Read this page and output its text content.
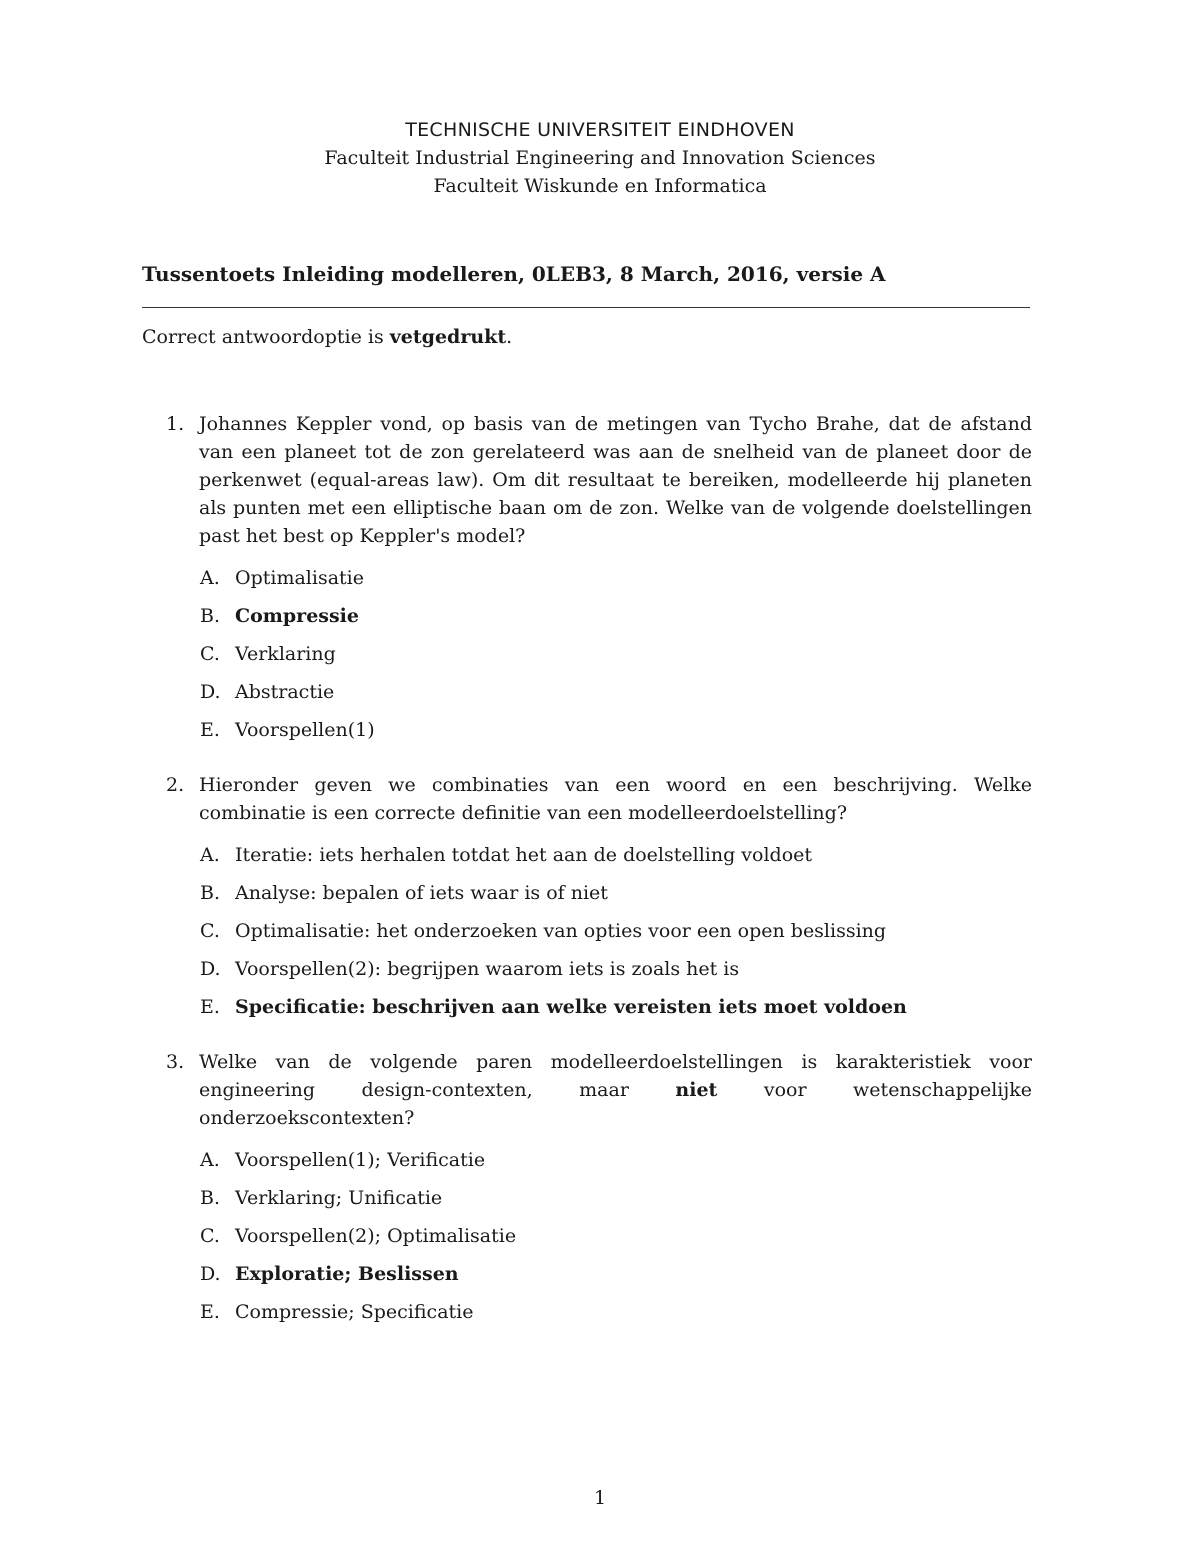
TECHNISCHE UNIVERSITEIT EINDHOVEN
Faculteit Industrial Engineering and Innovation Sciences
Faculteit Wiskunde en Informatica
Tussentoets Inleiding modelleren, 0LEB3, 8 March, 2016, versie A
Correct antwoordoptie is vetgedrukt.
1. Johannes Keppler vond, op basis van de metingen van Tycho Brahe, dat de afstand van een planeet tot de zon gerelateerd was aan de snelheid van de planeet door de perkenwet (equal-areas law). Om dit resultaat te bereiken, modelleerde hij planeten als punten met een elliptische baan om de zon. Welke van de volgende doelstellingen past het best op Keppler's model?
A. Optimalisatie
B. Compressie
C. Verklaring
D. Abstractie
E. Voorspellen(1)
2. Hieronder geven we combinaties van een woord en een beschrijving. Welke combinatie is een correcte definitie van een modelleerdoelstelling?
A. Iteratie: iets herhalen totdat het aan de doelstelling voldoet
B. Analyse: bepalen of iets waar is of niet
C. Optimalisatie: het onderzoeken van opties voor een open beslissing
D. Voorspellen(2): begrijpen waarom iets is zoals het is
E. Specificatie: beschrijven aan welke vereisten iets moet voldoen
3. Welke van de volgende paren modelleerdoelstellingen is karakteristiek voor engineering design-contexten, maar niet voor wetenschappelijke onderzoekscontexten?
A. Voorspellen(1); Verificatie
B. Verklaring; Unificatie
C. Voorspellen(2); Optimalisatie
D. Exploratie; Beslissen
E. Compressie; Specificatie
1
